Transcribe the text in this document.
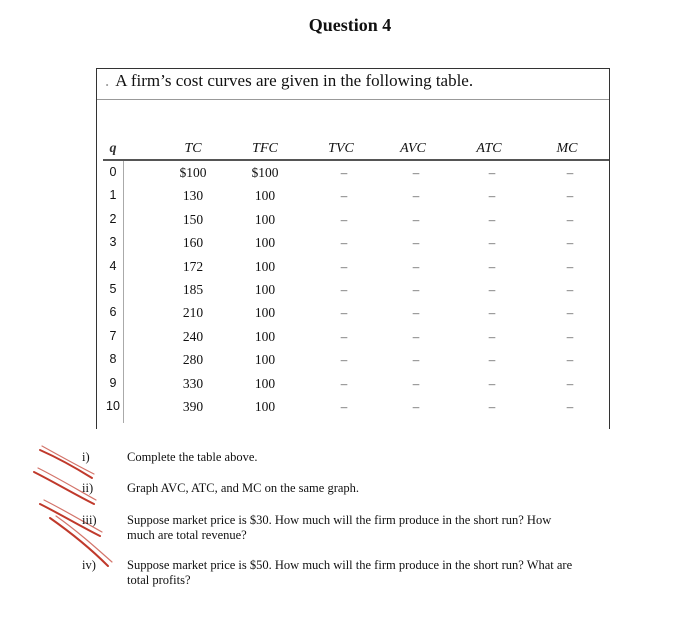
Question 4
. A firm’s cost curves are given in the following table.
q	TC	TFC	TVC	AVC	ATC	MC
0	$100	$100	–	–	–	–
1	130	100	–	–	–	–
2	150	100	–	–	–	–
3	160	100	–	–	–	–
4	172	100	–	–	–	–
5	185	100	–	–	–	–
6	210	100	–	–	–	–
7	240	100	–	–	–	–
8	280	100	–	–	–	–
9	330	100	–	–	–	–
10	390	100	–	–	–	–
i)	Complete the table above.
ii)	Graph AVC, ATC, and MC on the same graph.
iii) Suppose market price is $30. How much will the firm produce in the short run? How
much are total revenue?
iv) Suppose market price is $50. How much will the firm produce in the short run? What are
total profits?
